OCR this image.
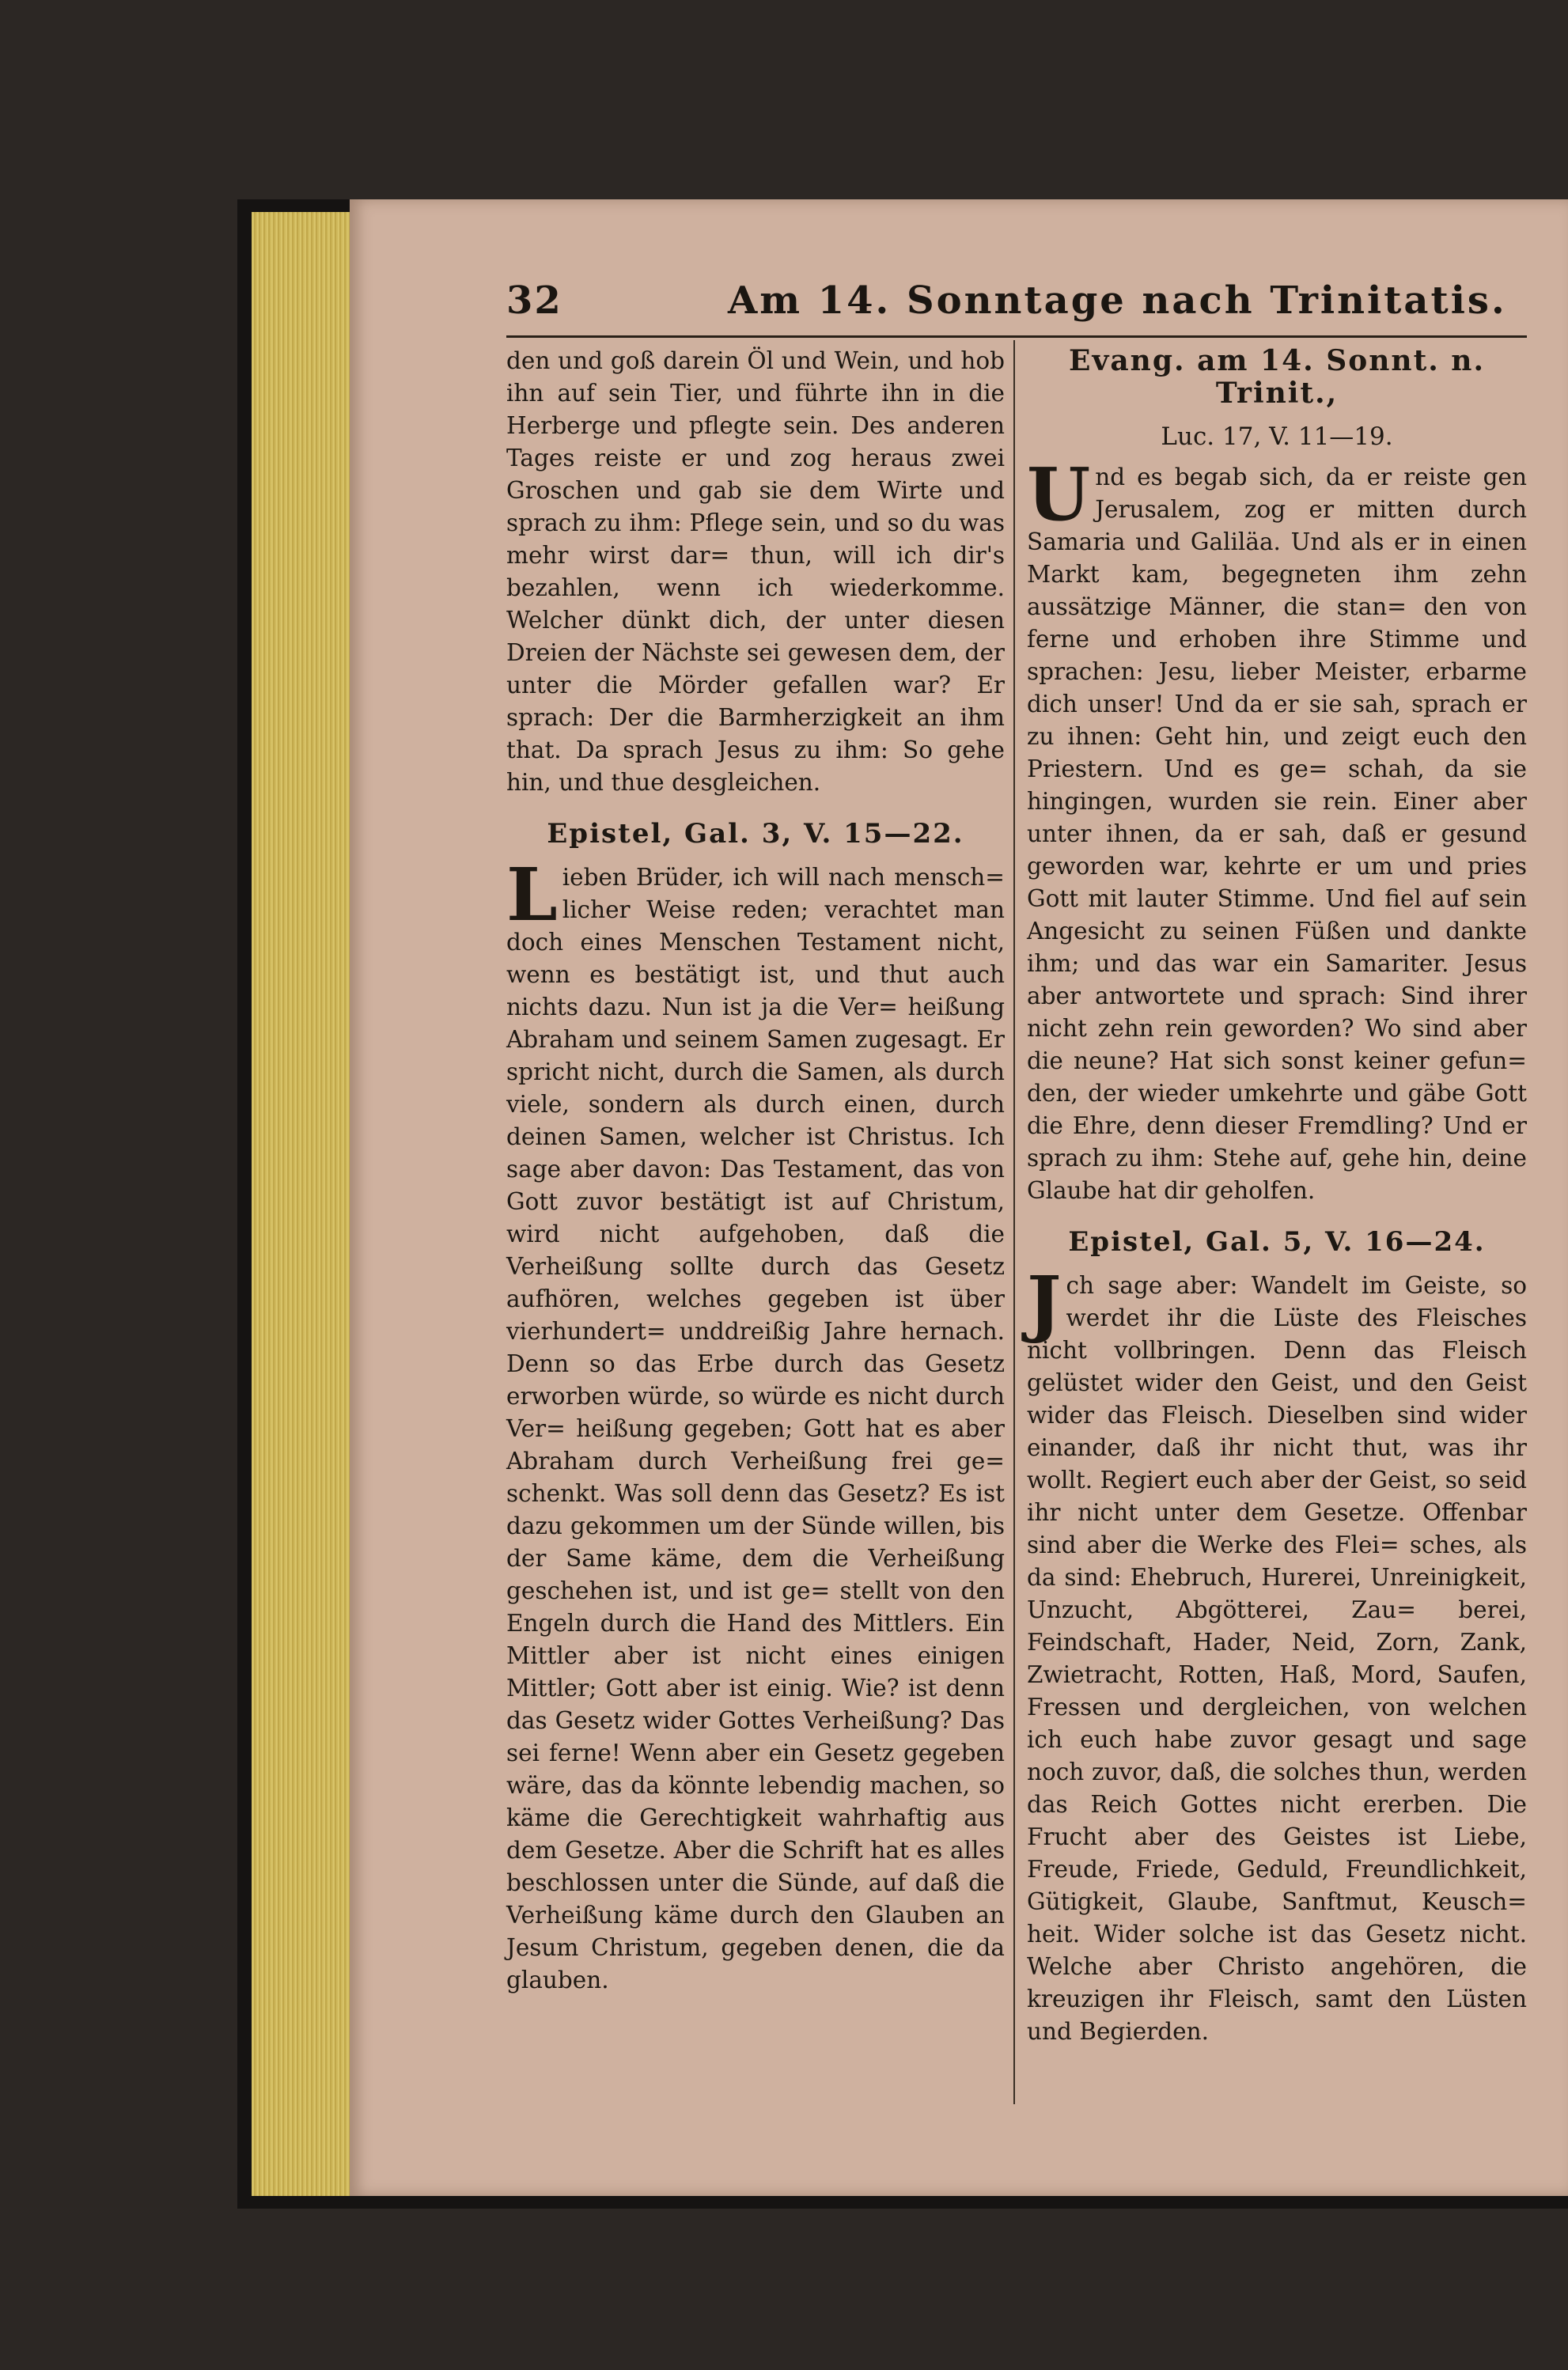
32	Am 14. Sonntage nach Trinitatis.

den und goß darein Öl und Wein, und hob ihn auf sein Tier, und führte ihn in die Herberge und pflegte sein. Des anderen Tages reiste er und zog heraus zwei Groschen und gab sie dem Wirte und sprach zu ihm: Pflege sein, und so du was mehr wirst dar= thun, will ich dir's bezahlen, wenn ich wiederkomme. Welcher dünkt dich, der unter diesen Dreien der Nächste sei gewesen dem, der unter die Mörder gefallen war? Er sprach: Der die Barmherzigkeit an ihm that. Da sprach Jesus zu ihm: So gehe hin, und thue desgleichen.

Epistel, Gal. 3, V. 15—22.

Lieben Brüder, ich will nach mensch= licher Weise reden; verachtet man doch eines Menschen Testament nicht, wenn es bestätigt ist, und thut auch nichts dazu. Nun ist ja die Ver= heißung Abraham und seinem Samen zugesagt. Er spricht nicht, durch die Samen, als durch viele, sondern als durch einen, durch deinen Samen, welcher ist Christus. Ich sage aber davon: Das Testament, das von Gott zuvor bestätigt ist auf Christum, wird nicht aufgehoben, daß die Verheißung sollte durch das Gesetz aufhören, welches gegeben ist über vierhundert= unddreißig Jahre hernach. Denn so das Erbe durch das Gesetz erworben würde, so würde es nicht durch Ver= heißung gegeben; Gott hat es aber Abraham durch Verheißung frei ge= schenkt. Was soll denn das Gesetz? Es ist dazu gekommen um der Sünde willen, bis der Same käme, dem die Verheißung geschehen ist, und ist ge= stellt von den Engeln durch die Hand des Mittlers. Ein Mittler aber ist nicht eines einigen Mittler; Gott aber ist einig. Wie? ist denn das Gesetz wider Gottes Verheißung? Das sei ferne! Wenn aber ein Gesetz gegeben wäre, das da könnte lebendig machen, so käme die Gerechtigkeit wahrhaftig aus dem Gesetze. Aber die Schrift hat es alles beschlossen unter die Sünde, auf daß die Verheißung käme durch den Glauben an Jesum Christum, gegeben denen, die da glauben.

Evang. am 14. Sonnt. n. Trinit.,
Luc. 17, V. 11—19.

Und es begab sich, da er reiste gen Jerusalem, zog er mitten durch Samaria und Galiläa. Und als er in einen Markt kam, begegneten ihm zehn aussätzige Männer, die stan= den von ferne und erhoben ihre Stimme und sprachen: Jesu, lieber Meister, erbarme dich unser! Und da er sie sah, sprach er zu ihnen: Geht hin, und zeigt euch den Priestern. Und es ge= schah, da sie hingingen, wurden sie rein. Einer aber unter ihnen, da er sah, daß er gesund geworden war, kehrte er um und pries Gott mit lauter Stimme. Und fiel auf sein Angesicht zu seinen Füßen und dankte ihm; und das war ein Samariter. Jesus aber antwortete und sprach: Sind ihrer nicht zehn rein geworden? Wo sind aber die neune? Hat sich sonst keiner gefun= den, der wieder umkehrte und gäbe Gott die Ehre, denn dieser Fremdling? Und er sprach zu ihm: Stehe auf, gehe hin, deine Glaube hat dir geholfen.

Epistel, Gal. 5, V. 16—24.

Jch sage aber: Wandelt im Geiste, so werdet ihr die Lüste des Fleisches nicht vollbringen. Denn das Fleisch gelüstet wider den Geist, und den Geist wider das Fleisch. Dieselben sind wider einander, daß ihr nicht thut, was ihr wollt. Regiert euch aber der Geist, so seid ihr nicht unter dem Gesetze. Offenbar sind aber die Werke des Flei= sches, als da sind: Ehebruch, Hurerei, Unreinigkeit, Unzucht, Abgötterei, Zau= berei, Feindschaft, Hader, Neid, Zorn, Zank, Zwietracht, Rotten, Haß, Mord, Saufen, Fressen und dergleichen, von welchen ich euch habe zuvor gesagt und sage noch zuvor, daß, die solches thun, werden das Reich Gottes nicht ererben. Die Frucht aber des Geistes ist Liebe, Freude, Friede, Geduld, Freundlichkeit, Gütigkeit, Glaube, Sanftmut, Keusch= heit. Wider solche ist das Gesetz nicht. Welche aber Christo angehören, die kreuzigen ihr Fleisch, samt den Lüsten und Begierden.
